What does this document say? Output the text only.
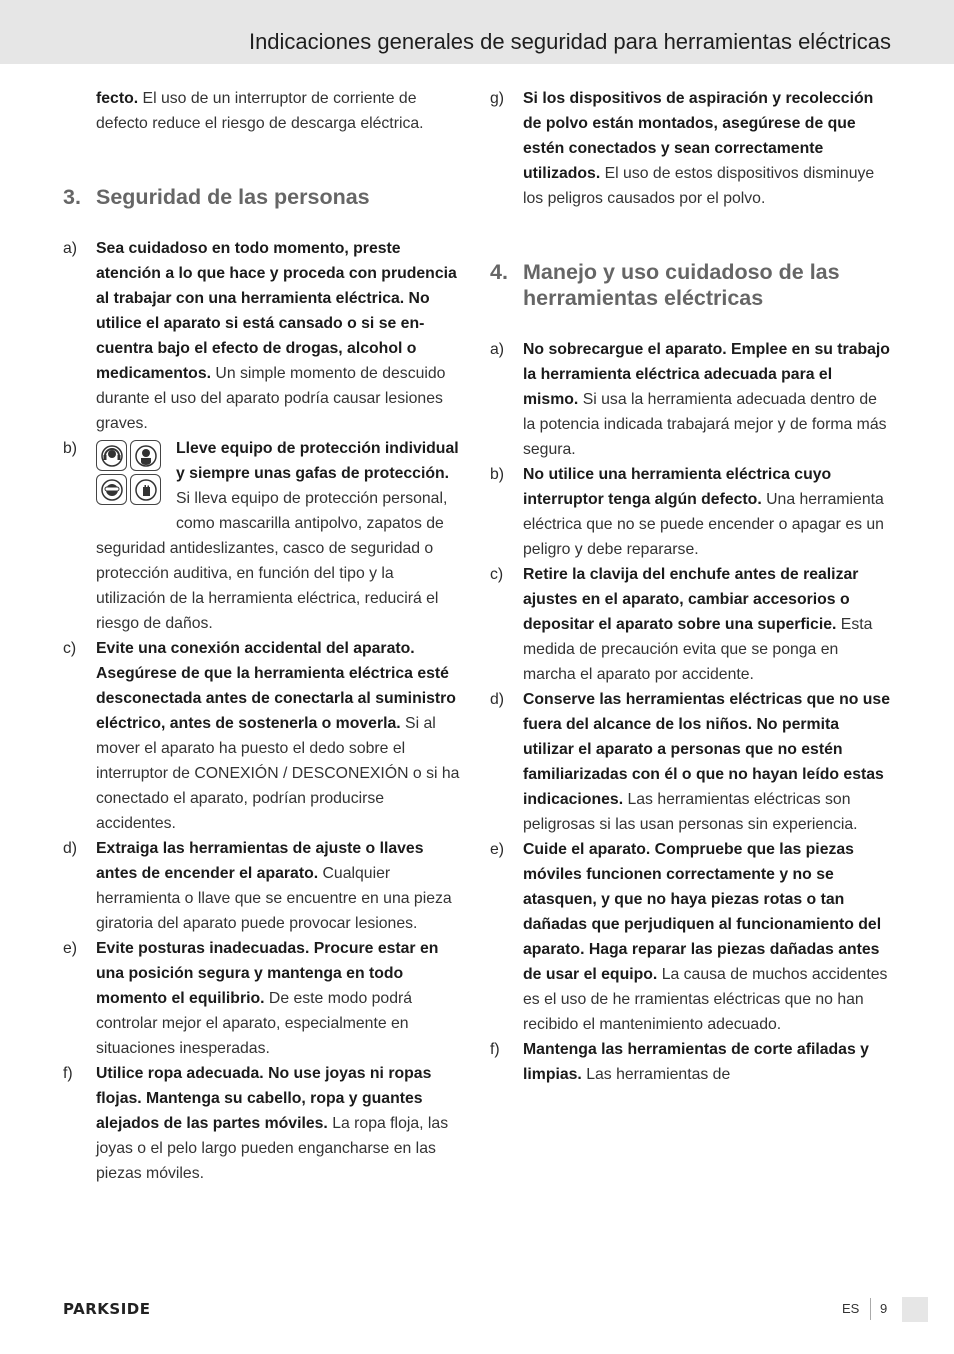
Indicaciones generales de seguridad para herramientas eléctricas

fecto. El uso de un interruptor de corriente de defecto reduce el riesgo de descarga eléctrica.

3. Seguridad de las personas

a) Sea cuidadoso en todo momento, preste atención a lo que hace y proceda con prudencia al trabajar con una herramienta eléctrica. No utilice el aparato si está cansado o si se encuentra bajo el efecto de drogas, alcohol o medicamentos. Un simple momento de descuido durante el uso del aparato podría causar lesiones graves.

b)	Lleve equipo de protección individual y siempre unas gafas de protección. Si lleva equipo de protección personal, como mascarilla antipolvo, zapatos de seguridad antideslizantes, casco de seguridad o protección auditiva, en función del tipo y la utilización de la herramienta eléctrica, reducirá el riesgo de daños.

c) Evite una conexión accidental del aparato. Asegúrese de que la herramienta eléctrica esté desconectada antes de conectarla al suministro eléctrico, antes de sostenerla o moverla. Si al mover el aparato ha puesto el dedo sobre el interruptor de CONEXIÓN / DESCONEXIÓN o si ha conectado el aparato, podrían producirse accidentes.

d) Extraiga las herramientas de ajuste o llaves antes de encender el aparato. Cualquier herramienta o llave que se encuentre en una pieza giratoria del aparato puede provocar lesiones.

e) Evite posturas inadecuadas. Procure estar en una posición segura y mantenga en todo momento el equilibrio. De este modo podrá controlar mejor el aparato, especialmente en situaciones inesperadas.

f) Utilice ropa adecuada. No use joyas ni ropas flojas. Mantenga su cabello, ropa y guantes alejados de las partes móviles. La ropa floja, las joyas o el pelo largo pueden engancharse en las piezas móviles.

g) Si los dispositivos de aspiración y recolección de polvo están montados, asegúrese de que estén conectados y sean correctamente utilizados. El uso de estos dispositivos disminuye los peligros causados por el polvo.

4. Manejo y uso cuidadoso de las herramientas eléctricas

a) No sobrecargue el aparato. Emplee en su trabajo la herramienta eléctrica adecuada para el mismo. Si usa la herramienta adecuada dentro de la potencia indicada trabajará mejor y de forma más segura.

b) No utilice una herramienta eléctrica cuyo interruptor tenga algún defecto. Una herramienta eléctrica que no se puede encender o apagar es un peligro y debe repararse.

c) Retire la clavija del enchufe antes de realizar ajustes en el aparato, cambiar accesorios o depositar el aparato sobre una superficie. Esta medida de precaución evita que se ponga en marcha el aparato por accidente.

d) Conserve las herramientas eléctricas que no use fuera del alcance de los niños. No permita utilizar el aparato a personas que no estén familiarizadas con él o que no hayan leído estas indicaciones. Las herramientas eléctricas son peligrosas si las usan personas sin experiencia.

e) Cuide el aparato. Compruebe que las piezas móviles funcionen correctamente y no se atasquen, y que no haya piezas rotas o tan dañadas que perjudiquen al funcionamiento del aparato. Haga reparar las piezas dañadas antes de usar el equipo. La causa de muchos accidentes es el uso de he rramientas eléctricas que no han recibido el mantenimiento adecuado.

f) Mantenga las herramientas de corte afiladas y limpias. Las herramientas de

PARKSIDE	ES 9
